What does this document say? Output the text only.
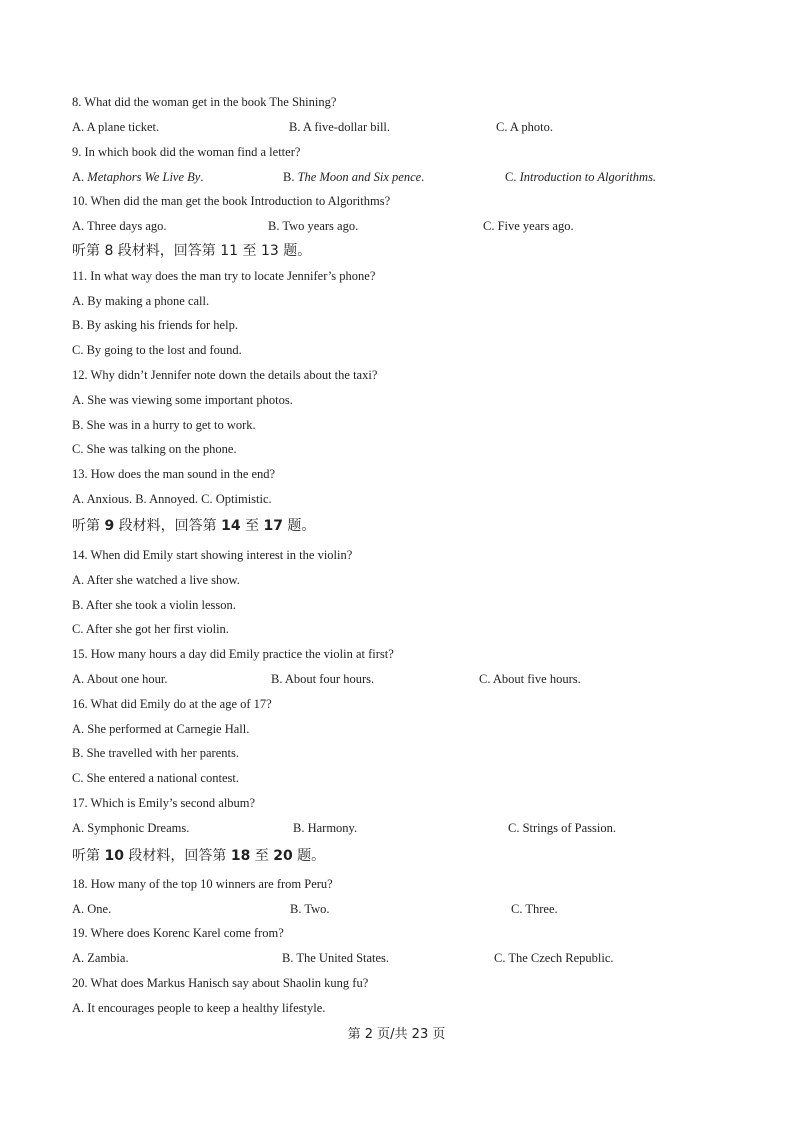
8. What did the woman get in the book The Shining?
A. A plane ticket.	B. A five-dollar bill.	C. A photo.
9. In which book did the woman find a letter?
A. Metaphors We Live By.	B. The Moon and Six pence.	C. Introduction to Algorithms.
10. When did the man get the book Introduction to Algorithms?
A. Three days ago.	B. Two years ago.	C. Five years ago.
听第 8 段材料，回答第 11 至 13 题。
11. In what way does the man try to locate Jennifer’s phone?
A. By making a phone call.
B. By asking his friends for help.
C. By going to the lost and found.
12. Why didn’t Jennifer note down the details about the taxi?
A. She was viewing some important photos.
B. She was in a hurry to get to work.
C. She was talking on the phone.
13. How does the man sound in the end?
A. Anxious. B. Annoyed. C. Optimistic.
听第 9 段材料，回答第 14 至 17 题。
14. When did Emily start showing interest in the violin?
A. After she watched a live show.
B. After she took a violin lesson.
C. After she got her first violin.
15. How many hours a day did Emily practice the violin at first?
A. About one hour.	B. About four hours.	C. About five hours.
16. What did Emily do at the age of 17?
A. She performed at Carnegie Hall.
B. She travelled with her parents.
C. She entered a national contest.
17. Which is Emily’s second album?
A. Symphonic Dreams.	B. Harmony.	C. Strings of Passion.
听第 10 段材料，回答第 18 至 20 题。
18. How many of the top 10 winners are from Peru?
A. One.	B. Two.	C. Three.
19. Where does Korenc Karel come from?
A. Zambia.	B. The United States.	C. The Czech Republic.
20. What does Markus Hanisch say about Shaolin kung fu?
A. It encourages people to keep a healthy lifestyle.
第 2 页/共 23 页
